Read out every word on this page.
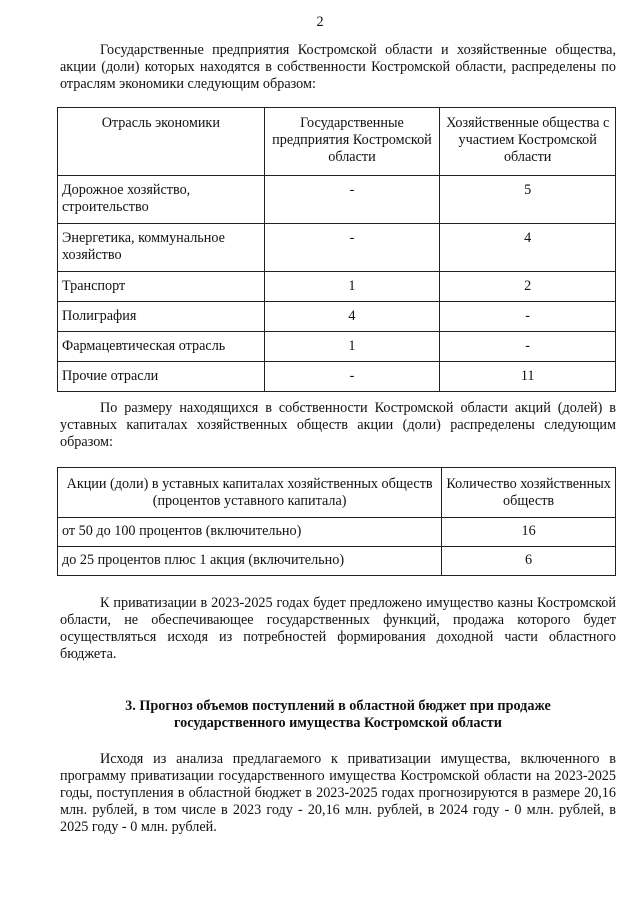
2

Государственные предприятия Костромской области и хозяйственные общества, акции (доли) которых находятся в собственности Костромской области, распределены по отраслям экономики следующим образом:

Отрасль экономики	Государственные предприятия Костромской области	Хозяйственные общества с участием Костромской области
Дорожное хозяйство, строительство	-	5
Энергетика, коммунальное хозяйство	-	4
Транспорт	1	2
Полиграфия	4	-
Фармацевтическая отрасль	1	-
Прочие отрасли	-	11

По размеру находящихся в собственности Костромской области акций (долей) в уставных капиталах хозяйственных обществ акции (доли) распределены следующим образом:

Акции (доли) в уставных капиталах хозяйственных обществ (процентов уставного капитала)	Количество хозяйственных обществ
от 50 до 100 процентов (включительно)	16
до 25 процентов плюс 1 акция (включительно)	6

К приватизации в 2023-2025 годах будет предложено имущество казны Костромской области, не обеспечивающее государственных функций, продажа которого будет осуществляться исходя из потребностей формирования доходной части областного бюджета.

3. Прогноз объемов поступлений в областной бюджет при продаже
государственного имущества Костромской области

Исходя из анализа предлагаемого к приватизации имущества, включенного в программу приватизации государственного имущества Костромской области на 2023-2025 годы, поступления в областной бюджет в 2023-2025 годах прогнозируются в размере 20,16 млн. рублей, в том числе в 2023 году - 20,16 млн. рублей, в 2024 году - 0 млн. рублей, в 2025 году - 0 млн. рублей.
